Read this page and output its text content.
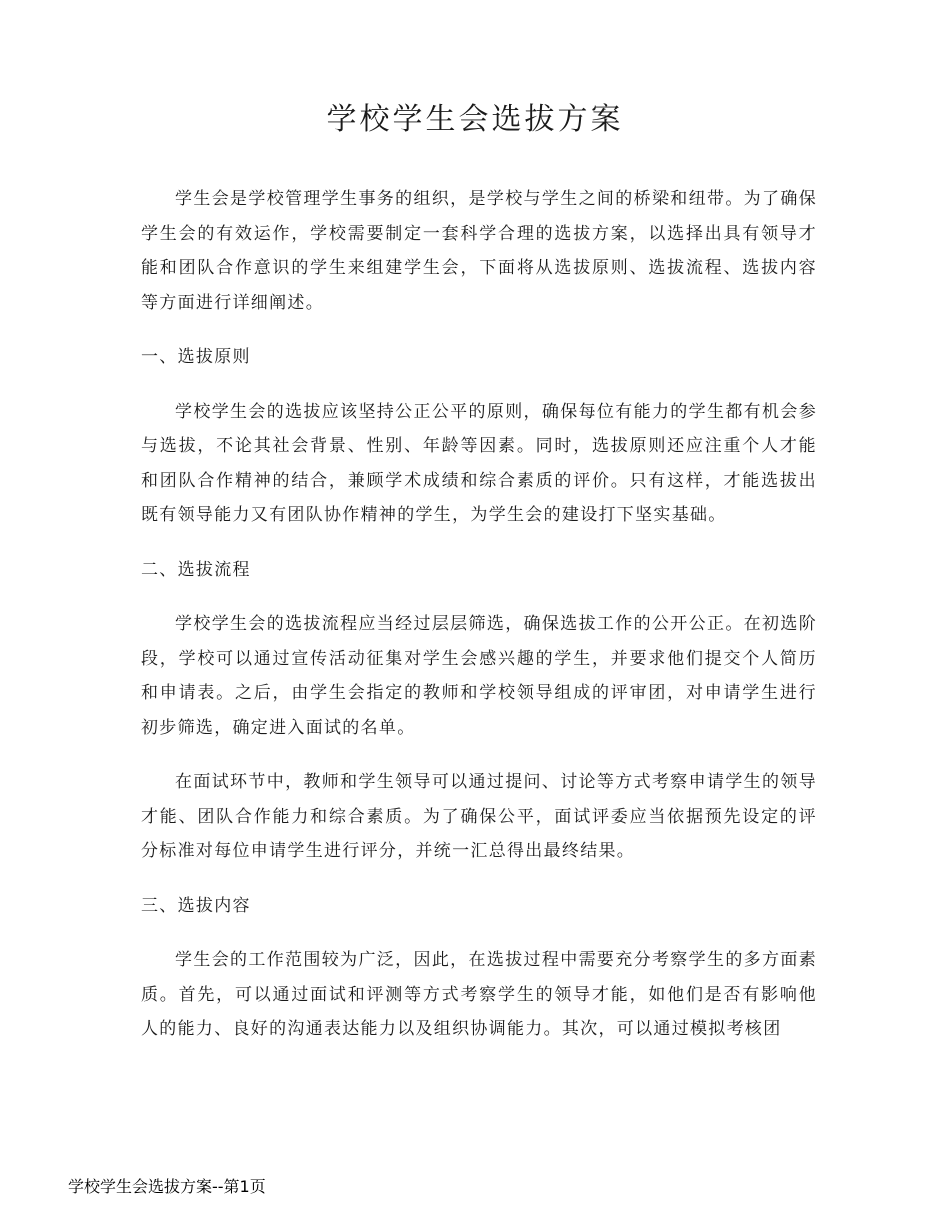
学校学生会选拔方案

学生会是学校管理学生事务的组织，是学校与学生之间的桥梁和纽带。为了确保学生会的有效运作，学校需要制定一套科学合理的选拔方案，以选择出具有领导才能和团队合作意识的学生来组建学生会，下面将从选拔原则、选拔流程、选拔内容等方面进行详细阐述。

一、选拔原则

学校学生会的选拔应该坚持公正公平的原则，确保每位有能力的学生都有机会参与选拔，不论其社会背景、性别、年龄等因素。同时，选拔原则还应注重个人才能和团队合作精神的结合，兼顾学术成绩和综合素质的评价。只有这样，才能选拔出既有领导能力又有团队协作精神的学生，为学生会的建设打下坚实基础。

二、选拔流程

学校学生会的选拔流程应当经过层层筛选，确保选拔工作的公开公正。在初选阶段，学校可以通过宣传活动征集对学生会感兴趣的学生，并要求他们提交个人简历和申请表。之后，由学生会指定的教师和学校领导组成的评审团，对申请学生进行初步筛选，确定进入面试的名单。

在面试环节中，教师和学生领导可以通过提问、讨论等方式考察申请学生的领导才能、团队合作能力和综合素质。为了确保公平，面试评委应当依据预先设定的评分标准对每位申请学生进行评分，并统一汇总得出最终结果。

三、选拔内容

学生会的工作范围较为广泛，因此，在选拔过程中需要充分考察学生的多方面素质。首先，可以通过面试和评测等方式考察学生的领导才能，如他们是否有影响他人的能力、良好的沟通表达能力以及组织协调能力。其次，可以通过模拟考核团

学校学生会选拔方案--第1页
